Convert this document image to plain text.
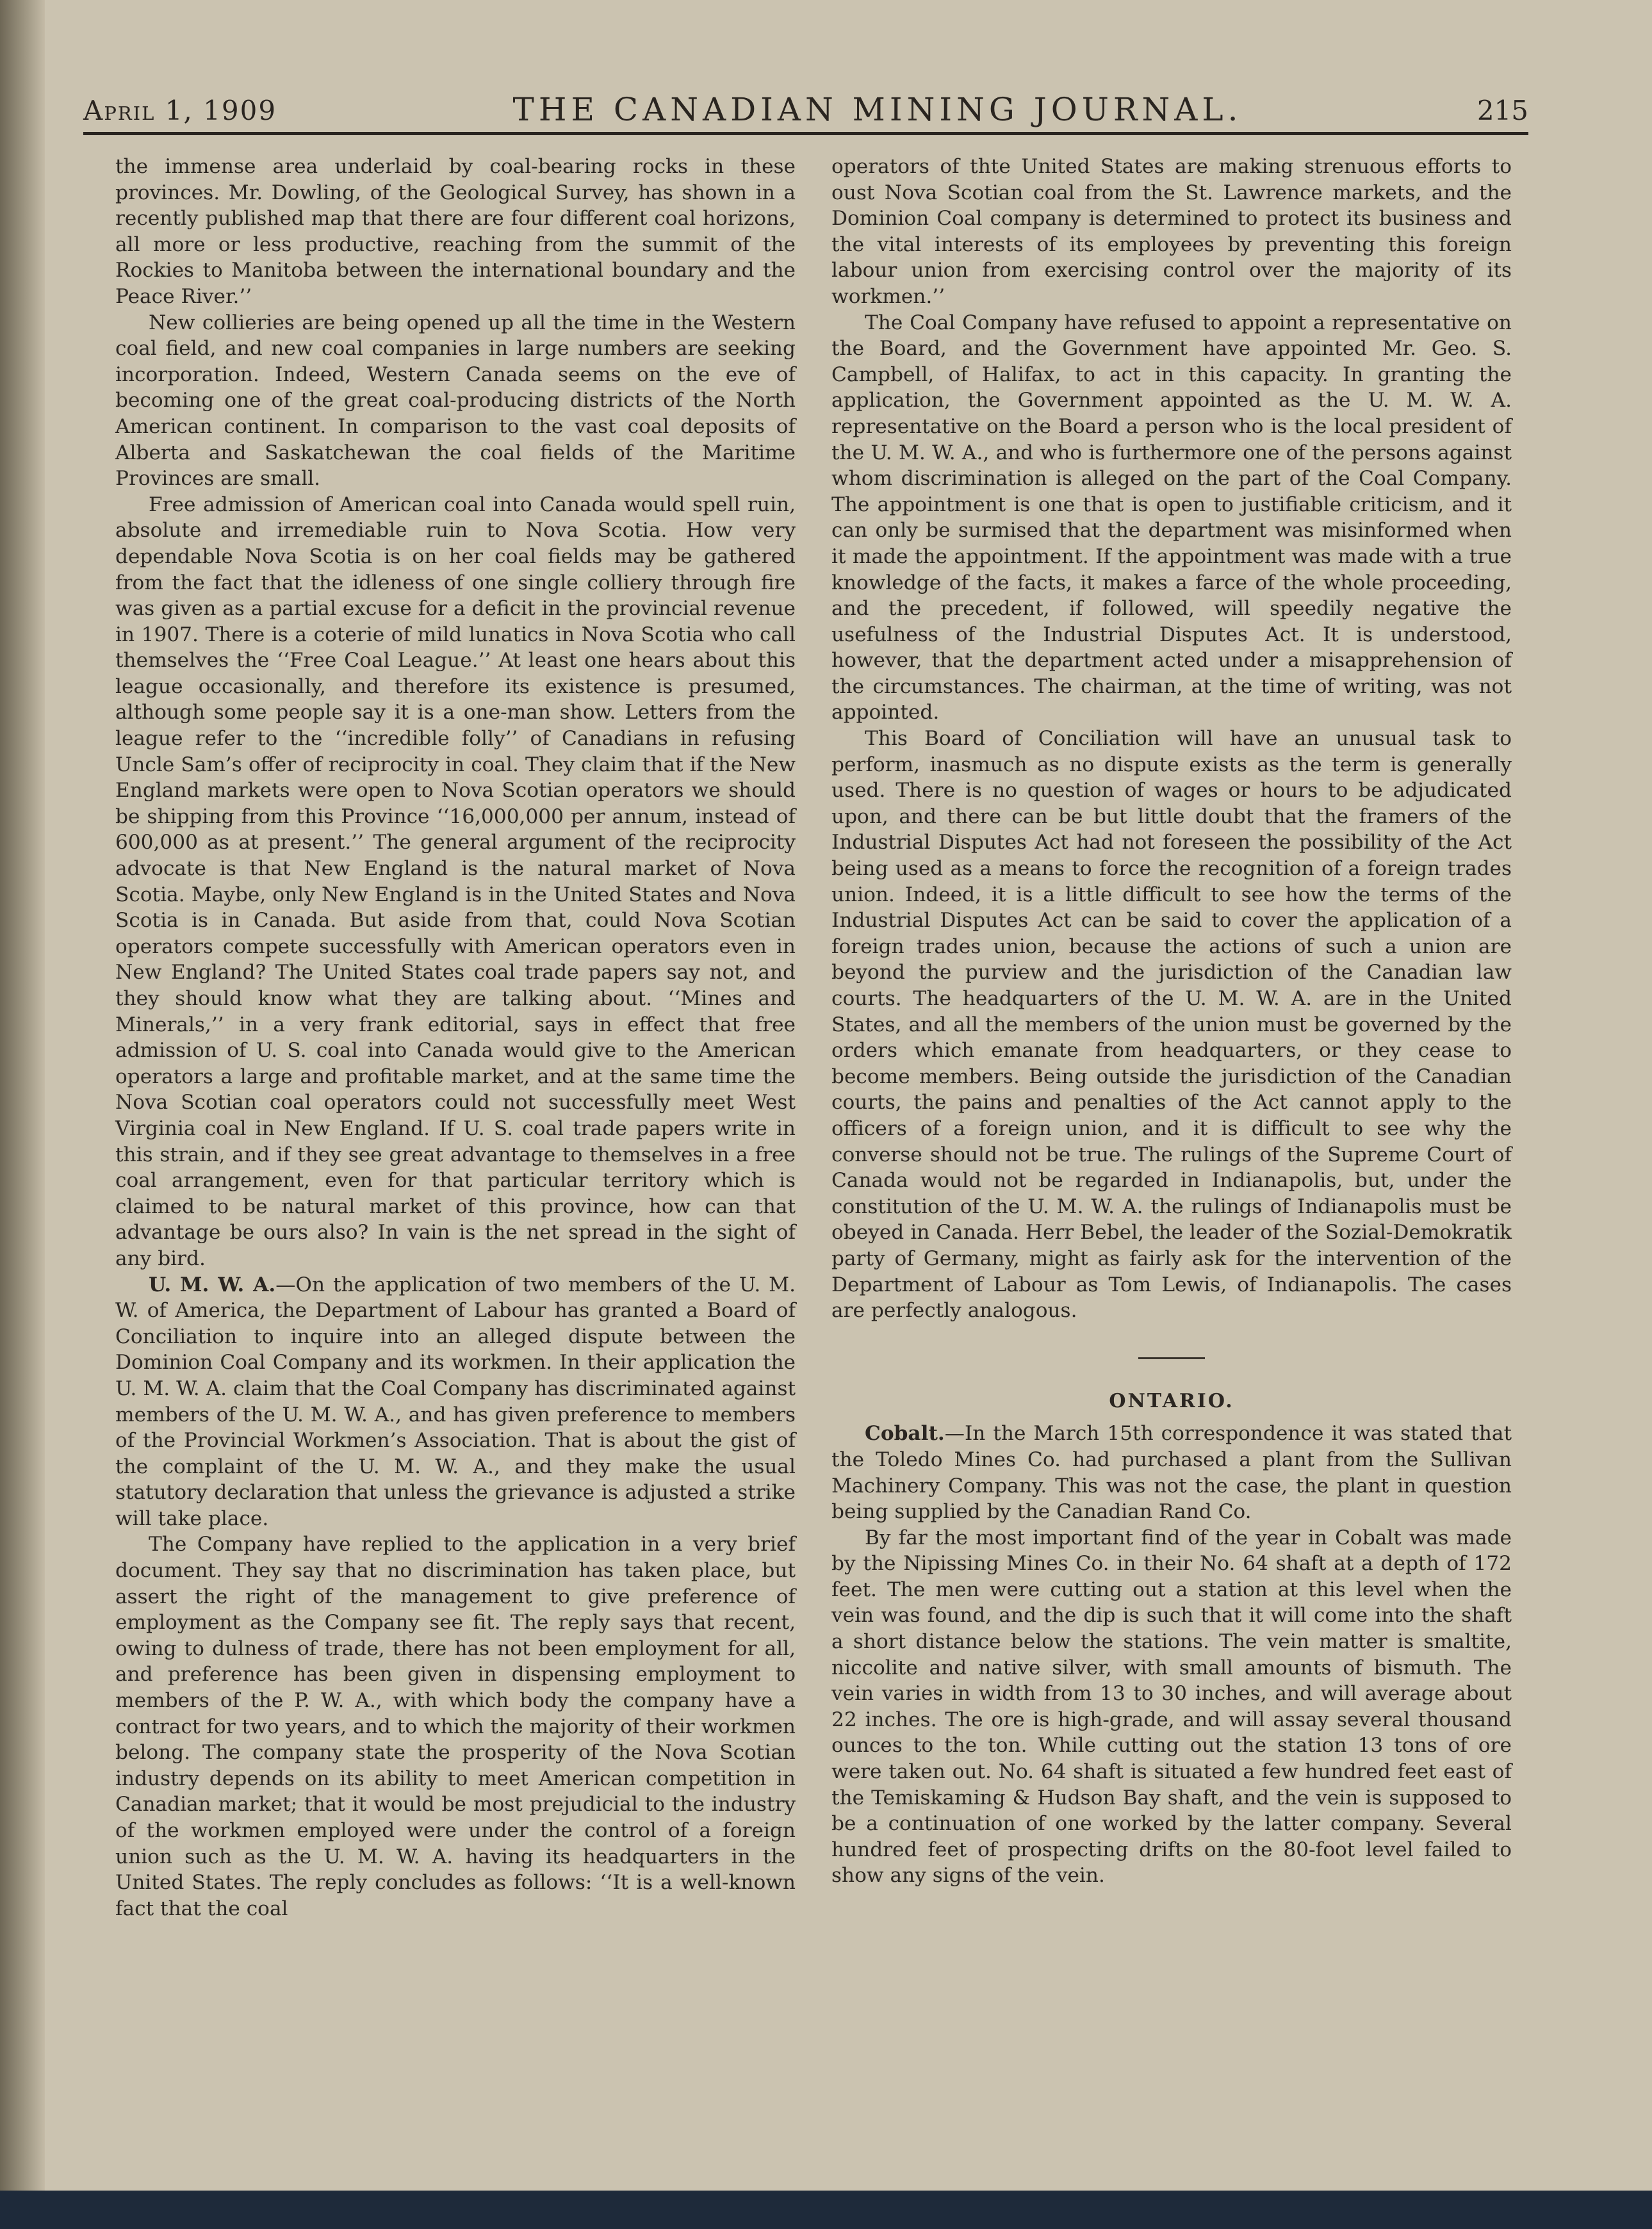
April 1, 1909	THE CANADIAN MINING JOURNAL.	215

the immense area underlaid by coal-bearing rocks in these provinces. Mr. Dowling, of the Geological Survey, has shown in a recently published map that there are four different coal horizons, all more or less productive, reaching from the summit of the Rockies to Manitoba between the international boundary and the Peace River.’’

New collieries are being opened up all the time in the Western coal field, and new coal companies in large numbers are seeking incorporation. Indeed, Western Canada seems on the eve of becoming one of the great coal-producing districts of the North American continent. In comparison to the vast coal deposits of Alberta and Saskatchewan the coal fields of the Maritime Provinces are small.

Free admission of American coal into Canada would spell ruin, absolute and irremediable ruin to Nova Scotia. How very dependable Nova Scotia is on her coal fields may be gathered from the fact that the idleness of one single colliery through fire was given as a partial excuse for a deficit in the provincial revenue in 1907. There is a coterie of mild lunatics in Nova Scotia who call themselves the ‘‘Free Coal League.’’ At least one hears about this league occasionally, and therefore its existence is presumed, although some people say it is a one-man show. Letters from the league refer to the ‘‘incredible folly’’ of Canadians in refusing Uncle Sam’s offer of reciprocity in coal. They claim that if the New England markets were open to Nova Scotian operators we should be shipping from this Province ‘‘16,000,000 per annum, instead of 600,000 as at present.’’ The general argument of the reciprocity advocate is that New England is the natural market of Nova Scotia. Maybe, only New England is in the United States and Nova Scotia is in Canada. But aside from that, could Nova Scotian operators compete successfully with American operators even in New England? The United States coal trade papers say not, and they should know what they are talking about. ‘‘Mines and Minerals,’’ in a very frank editorial, says in effect that free admission of U. S. coal into Canada would give to the American operators a large and profitable market, and at the same time the Nova Scotian coal operators could not successfully meet West Virginia coal in New England. If U. S. coal trade papers write in this strain, and if they see great advantage to themselves in a free coal arrangement, even for that particular territory which is claimed to be natural market of this province, how can that advantage be ours also? In vain is the net spread in the sight of any bird.

U. M. W. A.—On the application of two members of the U. M. W. of America, the Department of Labour has granted a Board of Conciliation to inquire into an alleged dispute between the Dominion Coal Company and its workmen. In their application the U. M. W. A. claim that the Coal Company has discriminated against members of the U. M. W. A., and has given preference to members of the Provincial Workmen’s Association. That is about the gist of the complaint of the U. M. W. A., and they make the usual statutory declaration that unless the grievance is adjusted a strike will take place.

The Company have replied to the application in a very brief document. They say that no discrimination has taken place, but assert the right of the management to give preference of employment as the Company see fit. The reply says that recent, owing to dulness of trade, there has not been employment for all, and preference has been given in dispensing employment to members of the P. W. A., with which body the company have a contract for two years, and to which the majority of their workmen belong. The company state the prosperity of the Nova Scotian industry depends on its ability to meet American competition in Canadian market; that it would be most prejudicial to the industry of the workmen employed were under the control of a foreign union such as the U. M. W. A. having its headquarters in the United States. The reply concludes as follows: ‘‘It is a well-known fact that the coal

operators of thte United States are making strenuous efforts to oust Nova Scotian coal from the St. Lawrence markets, and the Dominion Coal company is determined to protect its business and the vital interests of its employees by preventing this foreign labour union from exercising control over the majority of its workmen.’’

The Coal Company have refused to appoint a representative on the Board, and the Government have appointed Mr. Geo. S. Campbell, of Halifax, to act in this capacity. In granting the application, the Government appointed as the U. M. W. A. representative on the Board a person who is the local president of the U. M. W. A., and who is furthermore one of the persons against whom discrimination is alleged on the part of the Coal Company. The appointment is one that is open to justifiable criticism, and it can only be surmised that the department was misinformed when it made the appointment. If the appointment was made with a true knowledge of the facts, it makes a farce of the whole proceeding, and the precedent, if followed, will speedily negative the usefulness of the Industrial Disputes Act. It is understood, however, that the department acted under a misapprehension of the circumstances. The chairman, at the time of writing, was not appointed.

This Board of Conciliation will have an unusual task to perform, inasmuch as no dispute exists as the term is generally used. There is no question of wages or hours to be adjudicated upon, and there can be but little doubt that the framers of the Industrial Disputes Act had not foreseen the possibility of the Act being used as a means to force the recognition of a foreign trades union. Indeed, it is a little difficult to see how the terms of the Industrial Disputes Act can be said to cover the application of a foreign trades union, because the actions of such a union are beyond the purview and the jurisdiction of the Canadian law courts. The headquarters of the U. M. W. A. are in the United States, and all the members of the union must be governed by the orders which emanate from headquarters, or they cease to become members. Being outside the jurisdiction of the Canadian courts, the pains and penalties of the Act cannot apply to the officers of a foreign union, and it is difficult to see why the converse should not be true. The rulings of the Supreme Court of Canada would not be regarded in Indianapolis, but, under the constitution of the U. M. W. A. the rulings of Indianapolis must be obeyed in Canada. Herr Bebel, the leader of the Sozial-Demokratik party of Germany, might as fairly ask for the intervention of the Department of Labour as Tom Lewis, of Indianapolis. The cases are perfectly analogous.

ONTARIO.

Cobalt.—In the March 15th correspondence it was stated that the Toledo Mines Co. had purchased a plant from the Sullivan Machinery Company. This was not the case, the plant in question being supplied by the Canadian Rand Co.

By far the most important find of the year in Cobalt was made by the Nipissing Mines Co. in their No. 64 shaft at a depth of 172 feet. The men were cutting out a station at this level when the vein was found, and the dip is such that it will come into the shaft a short distance below the stations. The vein matter is smaltite, niccolite and native silver, with small amounts of bismuth. The vein varies in width from 13 to 30 inches, and will average about 22 inches. The ore is high-grade, and will assay several thousand ounces to the ton. While cutting out the station 13 tons of ore were taken out. No. 64 shaft is situated a few hundred feet east of the Temiskaming & Hudson Bay shaft, and the vein is supposed to be a continuation of one worked by the latter company. Several hundred feet of prospecting drifts on the 80-foot level failed to show any signs of the vein.
